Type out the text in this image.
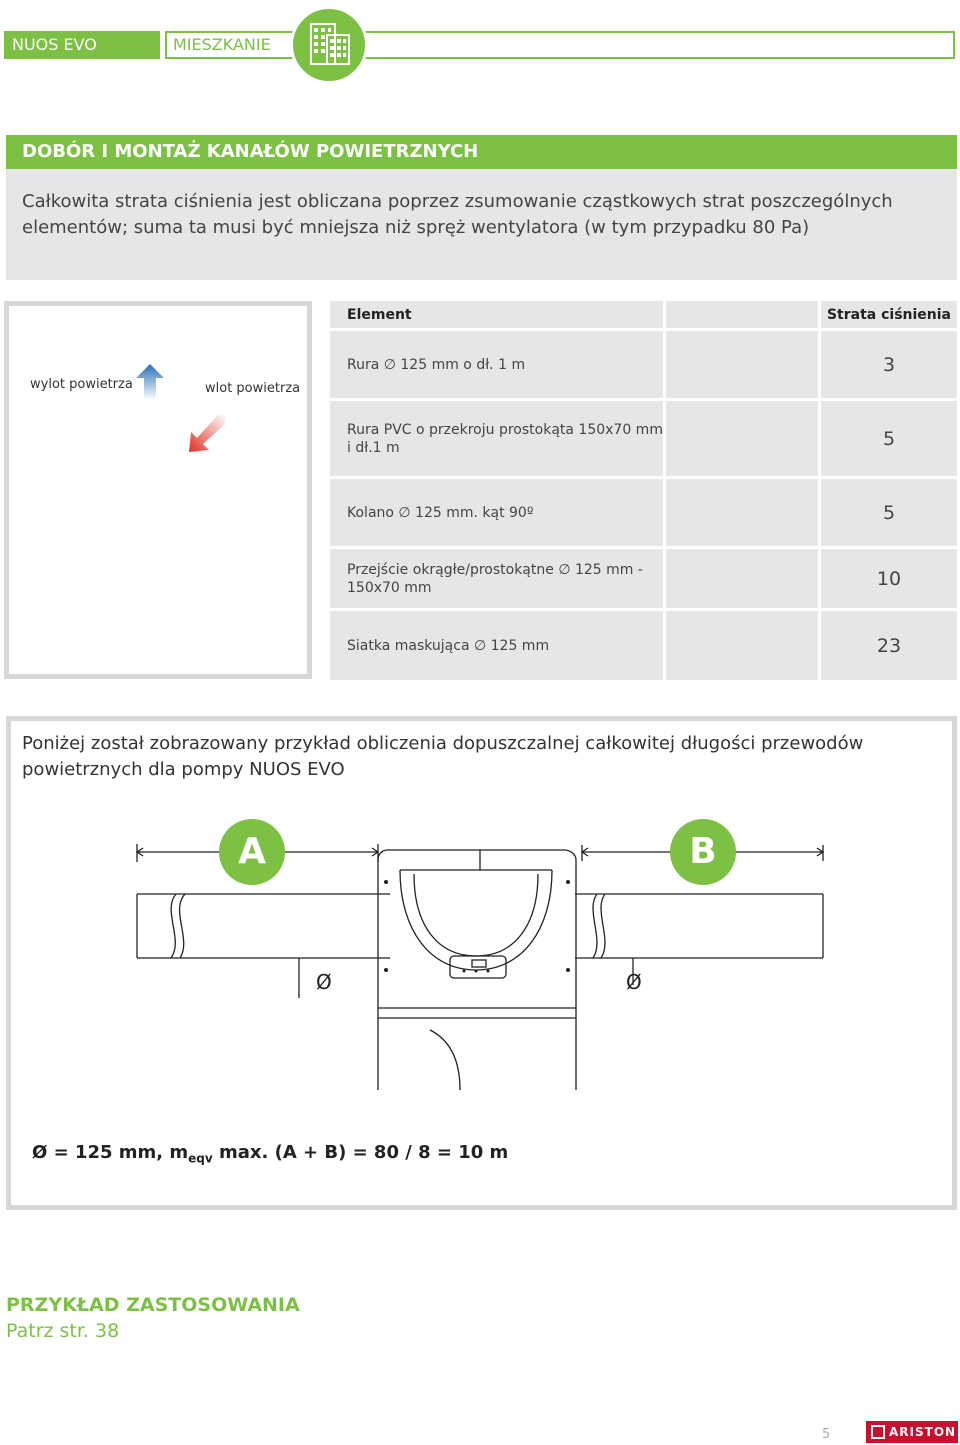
NUOS EVO	MIESZKANIE
DOBÓR I MONTAŻ KANAŁÓW POWIETRZNYCH
Całkowita strata ciśnienia jest obliczana poprzez zsumowanie cząstkowych strat poszczególnych elementów; suma ta musi być mniejsza niż spręż wentylatora (w tym przypadku 80 Pa)
wylot powietrza	wlot powietrza
Element	Strata ciśnienia
Rura ∅ 125 mm o dł. 1 m	3
Rura PVC o przekroju prostokąta 150x70 mm i dł.1 m	5
Kolano ∅ 125 mm. kąt 90º	5
Przejście okrągłe/prostokątne ∅ 125 mm - 150x70 mm	10
Siatka maskująca ∅ 125 mm	23
Poniżej został zobrazowany przykład obliczenia dopuszczalnej całkowitej długości przewodów powietrznych dla pompy NUOS EVO
A	B
Ø	Ø
Ø = 125 mm, $m_{eqv}$ max. (A + B) = 80 / 8 = 10 m
PRZYKŁAD ZASTOSOWANIA
Patrz str. 38
5	ARISTON
